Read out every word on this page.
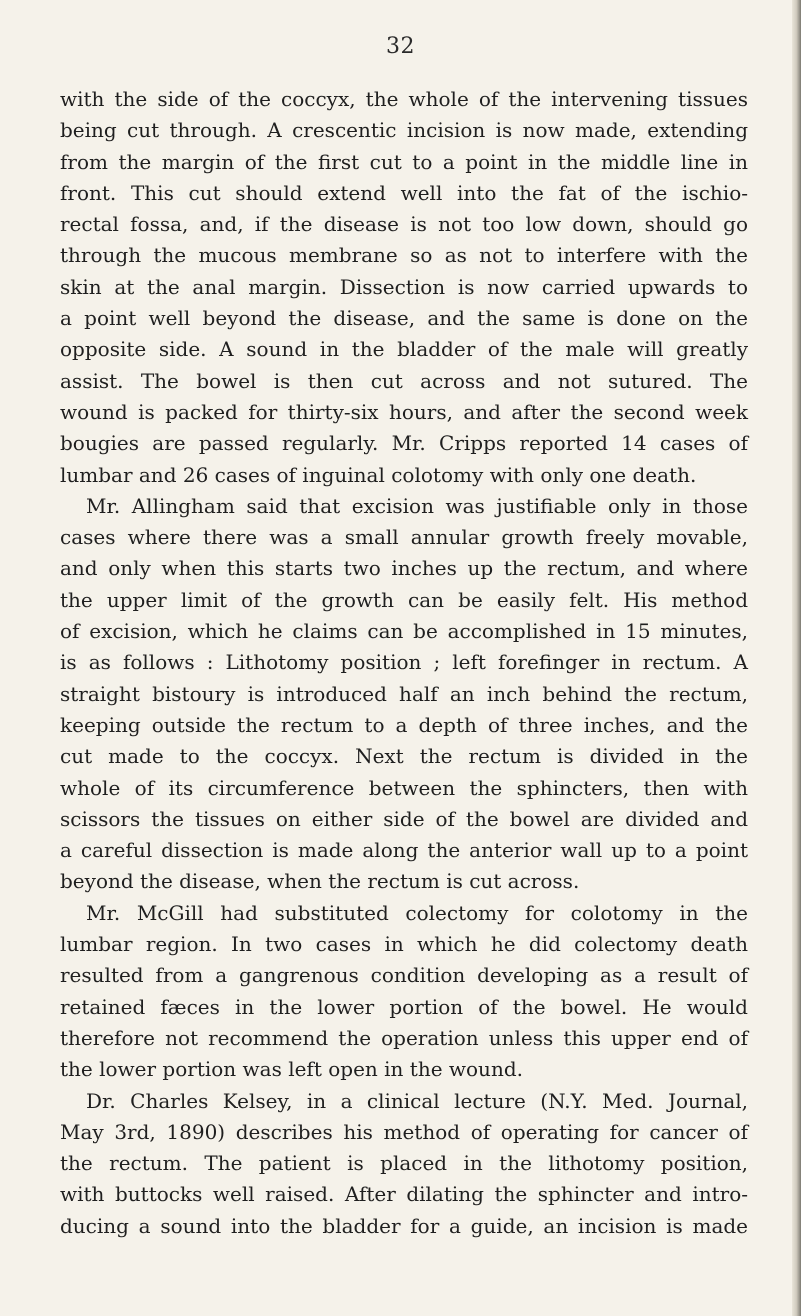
32
with the side of the coccyx, the whole of the intervening tissues
being cut through. A crescentic incision is now made, extending
from the margin of the first cut to a point in the middle line in
front. This cut should extend well into the fat of the ischio-
rectal fossa, and, if the disease is not too low down, should go
through the mucous membrane so as not to interfere with the
skin at the anal margin. Dissection is now carried upwards to
a point well beyond the disease, and the same is done on the
opposite side. A sound in the bladder of the male will greatly
assist. The bowel is then cut across and not sutured. The
wound is packed for thirty-six hours, and after the second week
bougies are passed regularly. Mr. Cripps reported 14 cases of
lumbar and 26 cases of inguinal colotomy with only one death.
Mr. Allingham said that excision was justifiable only in those
cases where there was a small annular growth freely movable,
and only when this starts two inches up the rectum, and where
the upper limit of the growth can be easily felt. His method
of excision, which he claims can be accomplished in 15 minutes,
is as follows : Lithotomy position ; left forefinger in rectum. A
straight bistoury is introduced half an inch behind the rectum,
keeping outside the rectum to a depth of three inches, and the
cut made to the coccyx. Next the rectum is divided in the
whole of its circumference between the sphincters, then with
scissors the tissues on either side of the bowel are divided and
a careful dissection is made along the anterior wall up to a point
beyond the disease, when the rectum is cut across.
Mr. McGill had substituted colectomy for colotomy in the
lumbar region. In two cases in which he did colectomy death
resulted from a gangrenous condition developing as a result of
retained fæces in the lower portion of the bowel. He would
therefore not recommend the operation unless this upper end of
the lower portion was left open in the wound.
Dr. Charles Kelsey, in a clinical lecture (N.Y. Med. Journal,
May 3rd, 1890) describes his method of operating for cancer of
the rectum. The patient is placed in the lithotomy position,
with buttocks well raised. After dilating the sphincter and intro-
ducing a sound into the bladder for a guide, an incision is made
